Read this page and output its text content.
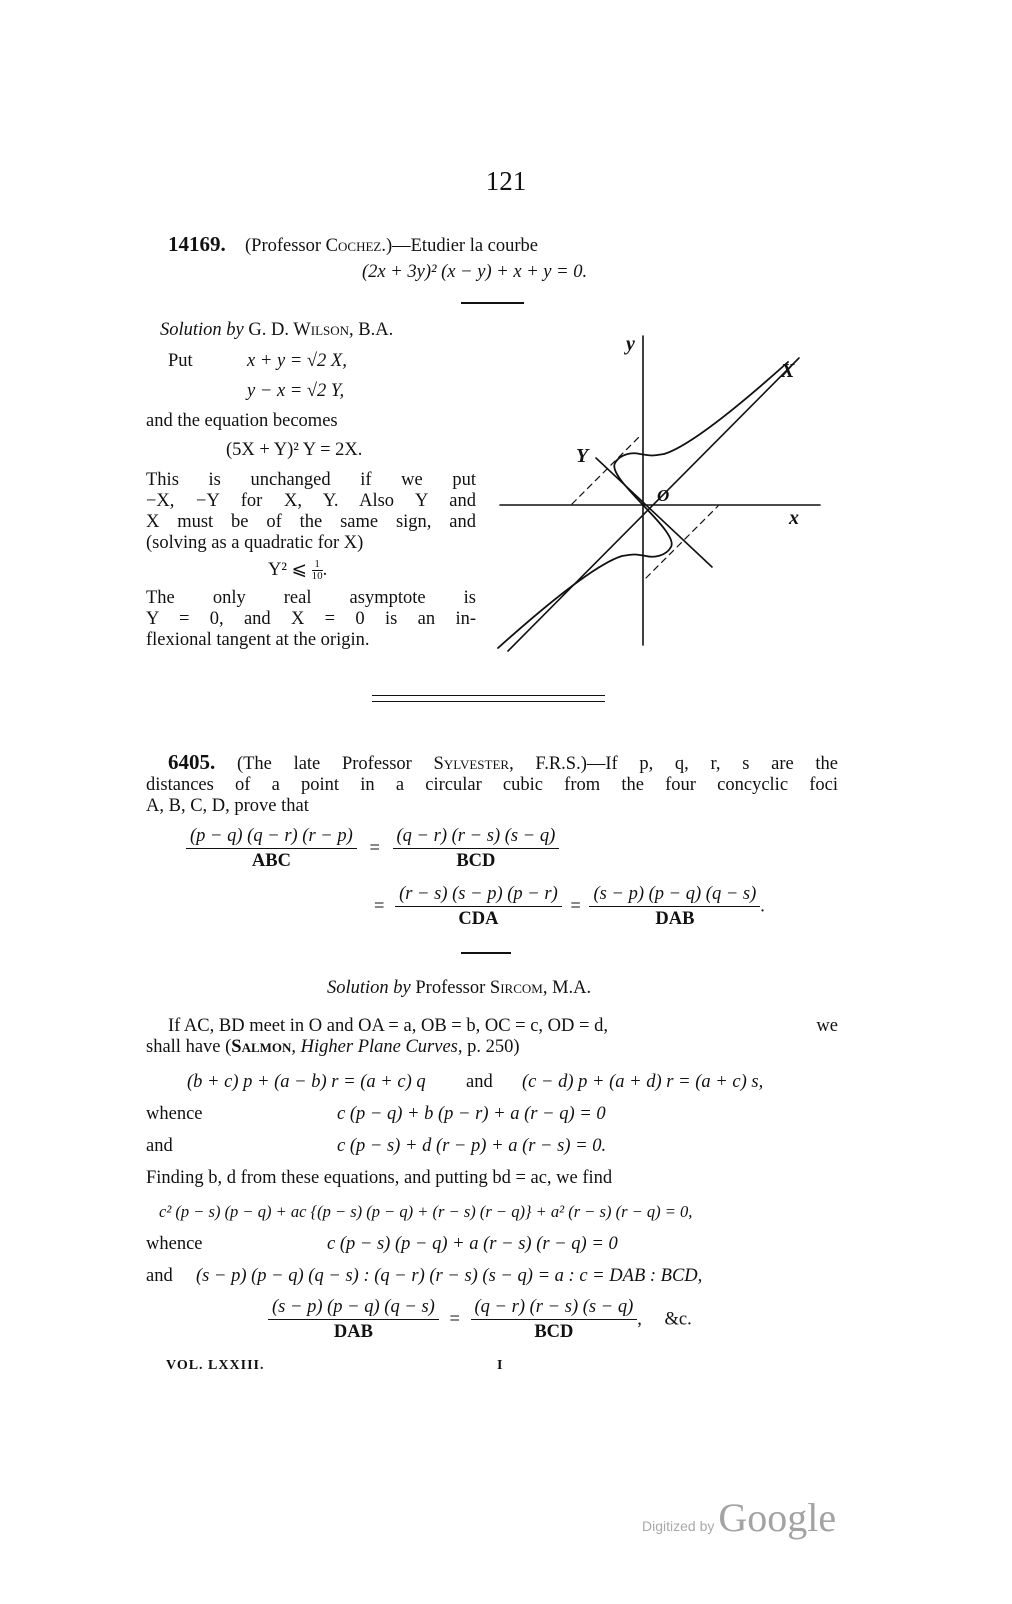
121
14169. (Professor Cochez.)—Etudier la courbe
(2x + 3y)² (x − y) + x + y = 0.
Solution by G. D. Wilson, B.A.
Put	x + y = √2 X,
y − x = √2 Y,
and the equation becomes
(5X + Y)² Y = 2X.
This is unchanged if we put
−X, −Y for X, Y. Also Y and
X must be of the same sign, and
(solving as a quadratic for X)
Y² ⩽ $\frac{1}{10}$ .
The only real asymptote is
Y = 0, and X = 0 is an in-
flexional tangent at the origin.
y
x
X
Y
O
6405. (The late Professor Sylvester, F.R.S.)—If p, q, r, s are the
distances of a point in a circular cubic from the four concyclic foci
A, B, C, D, prove that
$\frac{(p - q) (q - r) (r - p)}{\text{ABC}} = \frac{(q - r) (r - s) (s - q)}{\text{BCD}}$
= $\frac{(r - s) (s - p) (p - r)}{\text{CDA}} = \frac{(s - p) (p - q) (q - s)}{\text{DAB}}$ .
Solution by Professor Sircom, M.A.
If AC, BD meet in O and OA = a, OB = b, OC = c, OD = d,	we
shall have (Salmon, Higher Plane Curves, p. 250)
(b + c) p + (a − b) r = (a + c) q and (c − d) p + (a + d) r = (a + c) s,
whence	c (p − q) + b (p − r) + a (r − q) = 0
and	c (p − s) + d (r − p) + a (r − s) = 0.
Finding b, d from these equations, and putting bd = ac, we find
c² (p − s) (p − q) + ac {(p − s) (p − q) + (r − s) (r − q)} + a² (r − s) (r − q) = 0,
whence	c (p − s) (p − q) + a (r − s) (r − q) = 0
and (s − p) (p − q) (q − s) : (q − r) (r − s) (s − q) = a : c = DAB : BCD,
$\frac{(s - p) (p - q) (q - s)}{\text{DAB}} = \frac{(q - r) (r - s) (s - q)}{\text{BCD}}$ , &c.
VOL. LXXIII.	I
Digitized by Google
